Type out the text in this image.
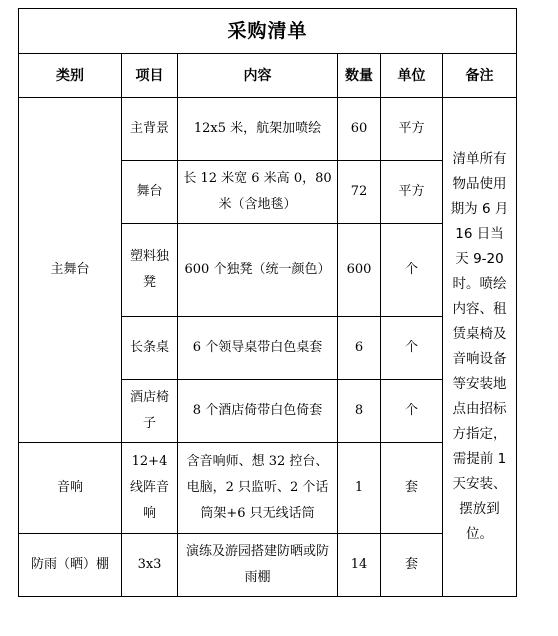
采购清单					
类别	项目	内容	数量	单位	备注
主舞台	主背景	12x5 米，航架加喷绘	60	平方	清单所有物品使用期为 6 月 16 日当天 9-20 时。喷绘内容、租赁桌椅及音响设备等安装地点由招标方指定，需提前 1 天安装、摆放到位。
	舞台	长 12 米宽 6 米高 0，80 米（含地毯）	72	平方	
	塑料独凳	600 个独凳（统一颜色）	600	个	
	长条桌	6 个领导桌带白色桌套	6	个	
	酒店椅子	8 个酒店倚带白色倚套	8	个	
音响	12+4 线阵音响	含音响师、想 32 控台、电脑，2 只监听、2 个话筒架+6 只无线话筒	1	套	
防雨（晒）棚	3x3	演练及游园搭建防晒或防雨棚	14	套	
